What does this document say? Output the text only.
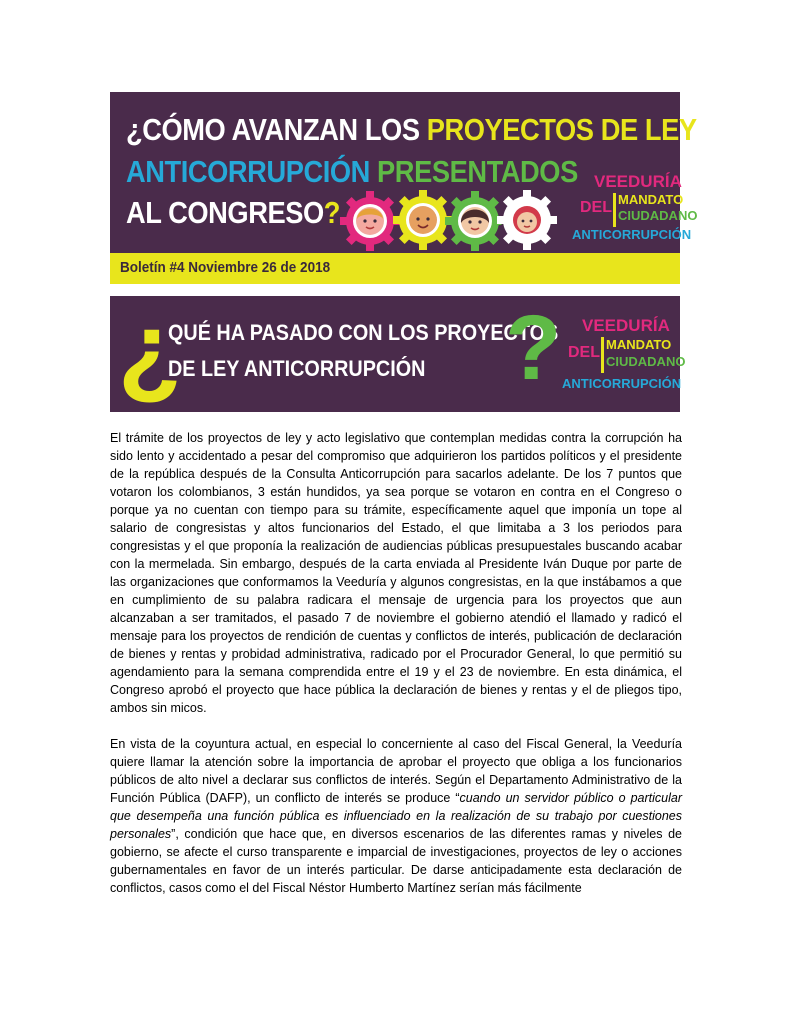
¿CÓMO AVANZAN LOS PROYECTOS DE LEY
ANTICORRUPCIÓN PRESENTADOS
AL CONGRESO?
VEEDURÍA
DEL MANDATO
CIUDADANO
ANTICORRUPCIÓN
Boletín #4 Noviembre 26 de 2018
¿
QUÉ HA PASADO CON LOS PROYECTOS
DE LEY ANTICORRUPCIÓN ? VEEDURÍA
DEL MANDATO
CIUDADANO
ANTICORRUPCIÓN

El trámite de los proyectos de ley y acto legislativo que contemplan medidas contra la corrupción ha sido lento y accidentado a pesar del compromiso que adquirieron los partidos políticos y el presidente de la república después de la Consulta Anticorrupción para sacarlos adelante. De los 7 puntos que votaron los colombianos, 3 están hundidos, ya sea porque se votaron en contra en el Congreso o porque ya no cuentan con tiempo para su trámite, específicamente aquel que imponía un tope al salario de congresistas y altos funcionarios del Estado, el que limitaba a 3 los periodos para congresistas y el que proponía la realización de audiencias públicas presupuestales buscando acabar con la mermelada. Sin embargo, después de la carta enviada al Presidente Iván Duque por parte de las organizaciones que conformamos la Veeduría y algunos congresistas, en la que instábamos a que en cumplimiento de su palabra radicara el mensaje de urgencia para los proyectos que aun alcanzaban a ser tramitados, el pasado 7 de noviembre el gobierno atendió el llamado y radicó el mensaje para los proyectos de rendición de cuentas y conflictos de interés, publicación de declaración de bienes y rentas y probidad administrativa, radicado por el Procurador General, lo que permitió su agendamiento para la semana comprendida entre el 19 y el 23 de noviembre. En esta dinámica, el Congreso aprobó el proyecto que hace pública la declaración de bienes y rentas y el de pliegos tipo, ambos sin micos.

En vista de la coyuntura actual, en especial lo concerniente al caso del Fiscal General, la Veeduría quiere llamar la atención sobre la importancia de aprobar el proyecto que obliga a los funcionarios públicos de alto nivel a declarar sus conflictos de interés. Según el Departamento Administrativo de la Función Pública (DAFP), un conflicto de interés se produce “cuando un servidor público o particular que desempeña una función pública es influenciado en la realización de su trabajo por cuestiones personales”, condición que hace que, en diversos escenarios de las diferentes ramas y niveles de gobierno, se afecte el curso transparente e imparcial de investigaciones, proyectos de ley o acciones gubernamentales en favor de un interés particular. De darse anticipadamente esta declaración de conflictos, casos como el del Fiscal Néstor Humberto Martínez serían más fácilmente
